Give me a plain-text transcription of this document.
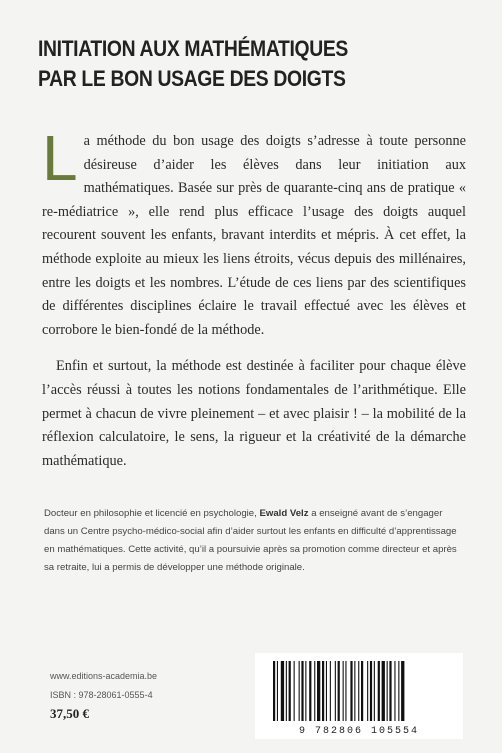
INITIATION AUX MATHÉMATIQUES
PAR LE BON USAGE DES DOIGTS

La méthode du bon usage des doigts s’adresse à toute personne désireuse d’aider les élèves dans leur initiation aux mathématiques. Basée sur près de quarante-cinq ans de pratique « re-médiatrice », elle rend plus efficace l’usage des doigts auquel recourent souvent les enfants, bravant interdits et mépris. À cet effet, la méthode exploite au mieux les liens étroits, vécus depuis des millénaires, entre les doigts et les nombres. L’étude de ces liens par des scientifiques de différentes disciplines éclaire le travail effectué avec les élèves et corrobore le bien-fondé de la méthode.

Enfin et surtout, la méthode est destinée à faciliter pour chaque élève l’accès réussi à toutes les notions fondamentales de l’arithmétique. Elle permet à chacun de vivre pleinement – et avec plaisir ! – la mobilité de la réflexion calculatoire, le sens, la rigueur et la créativité de la démarche mathématique.

Docteur en philosophie et licencié en psychologie, Ewald Velz a enseigné avant de s’engager dans un Centre psycho-médico-social afin d’aider surtout les enfants en difficulté d’apprentissage en mathématiques. Cette activité, qu’il a poursuivie après sa promotion comme directeur et après sa retraite, lui a permis de développer une méthode originale.
www.editions-academia.be
ISBN : 978-28061-0555-4
37,50 €
9 782806 105554
